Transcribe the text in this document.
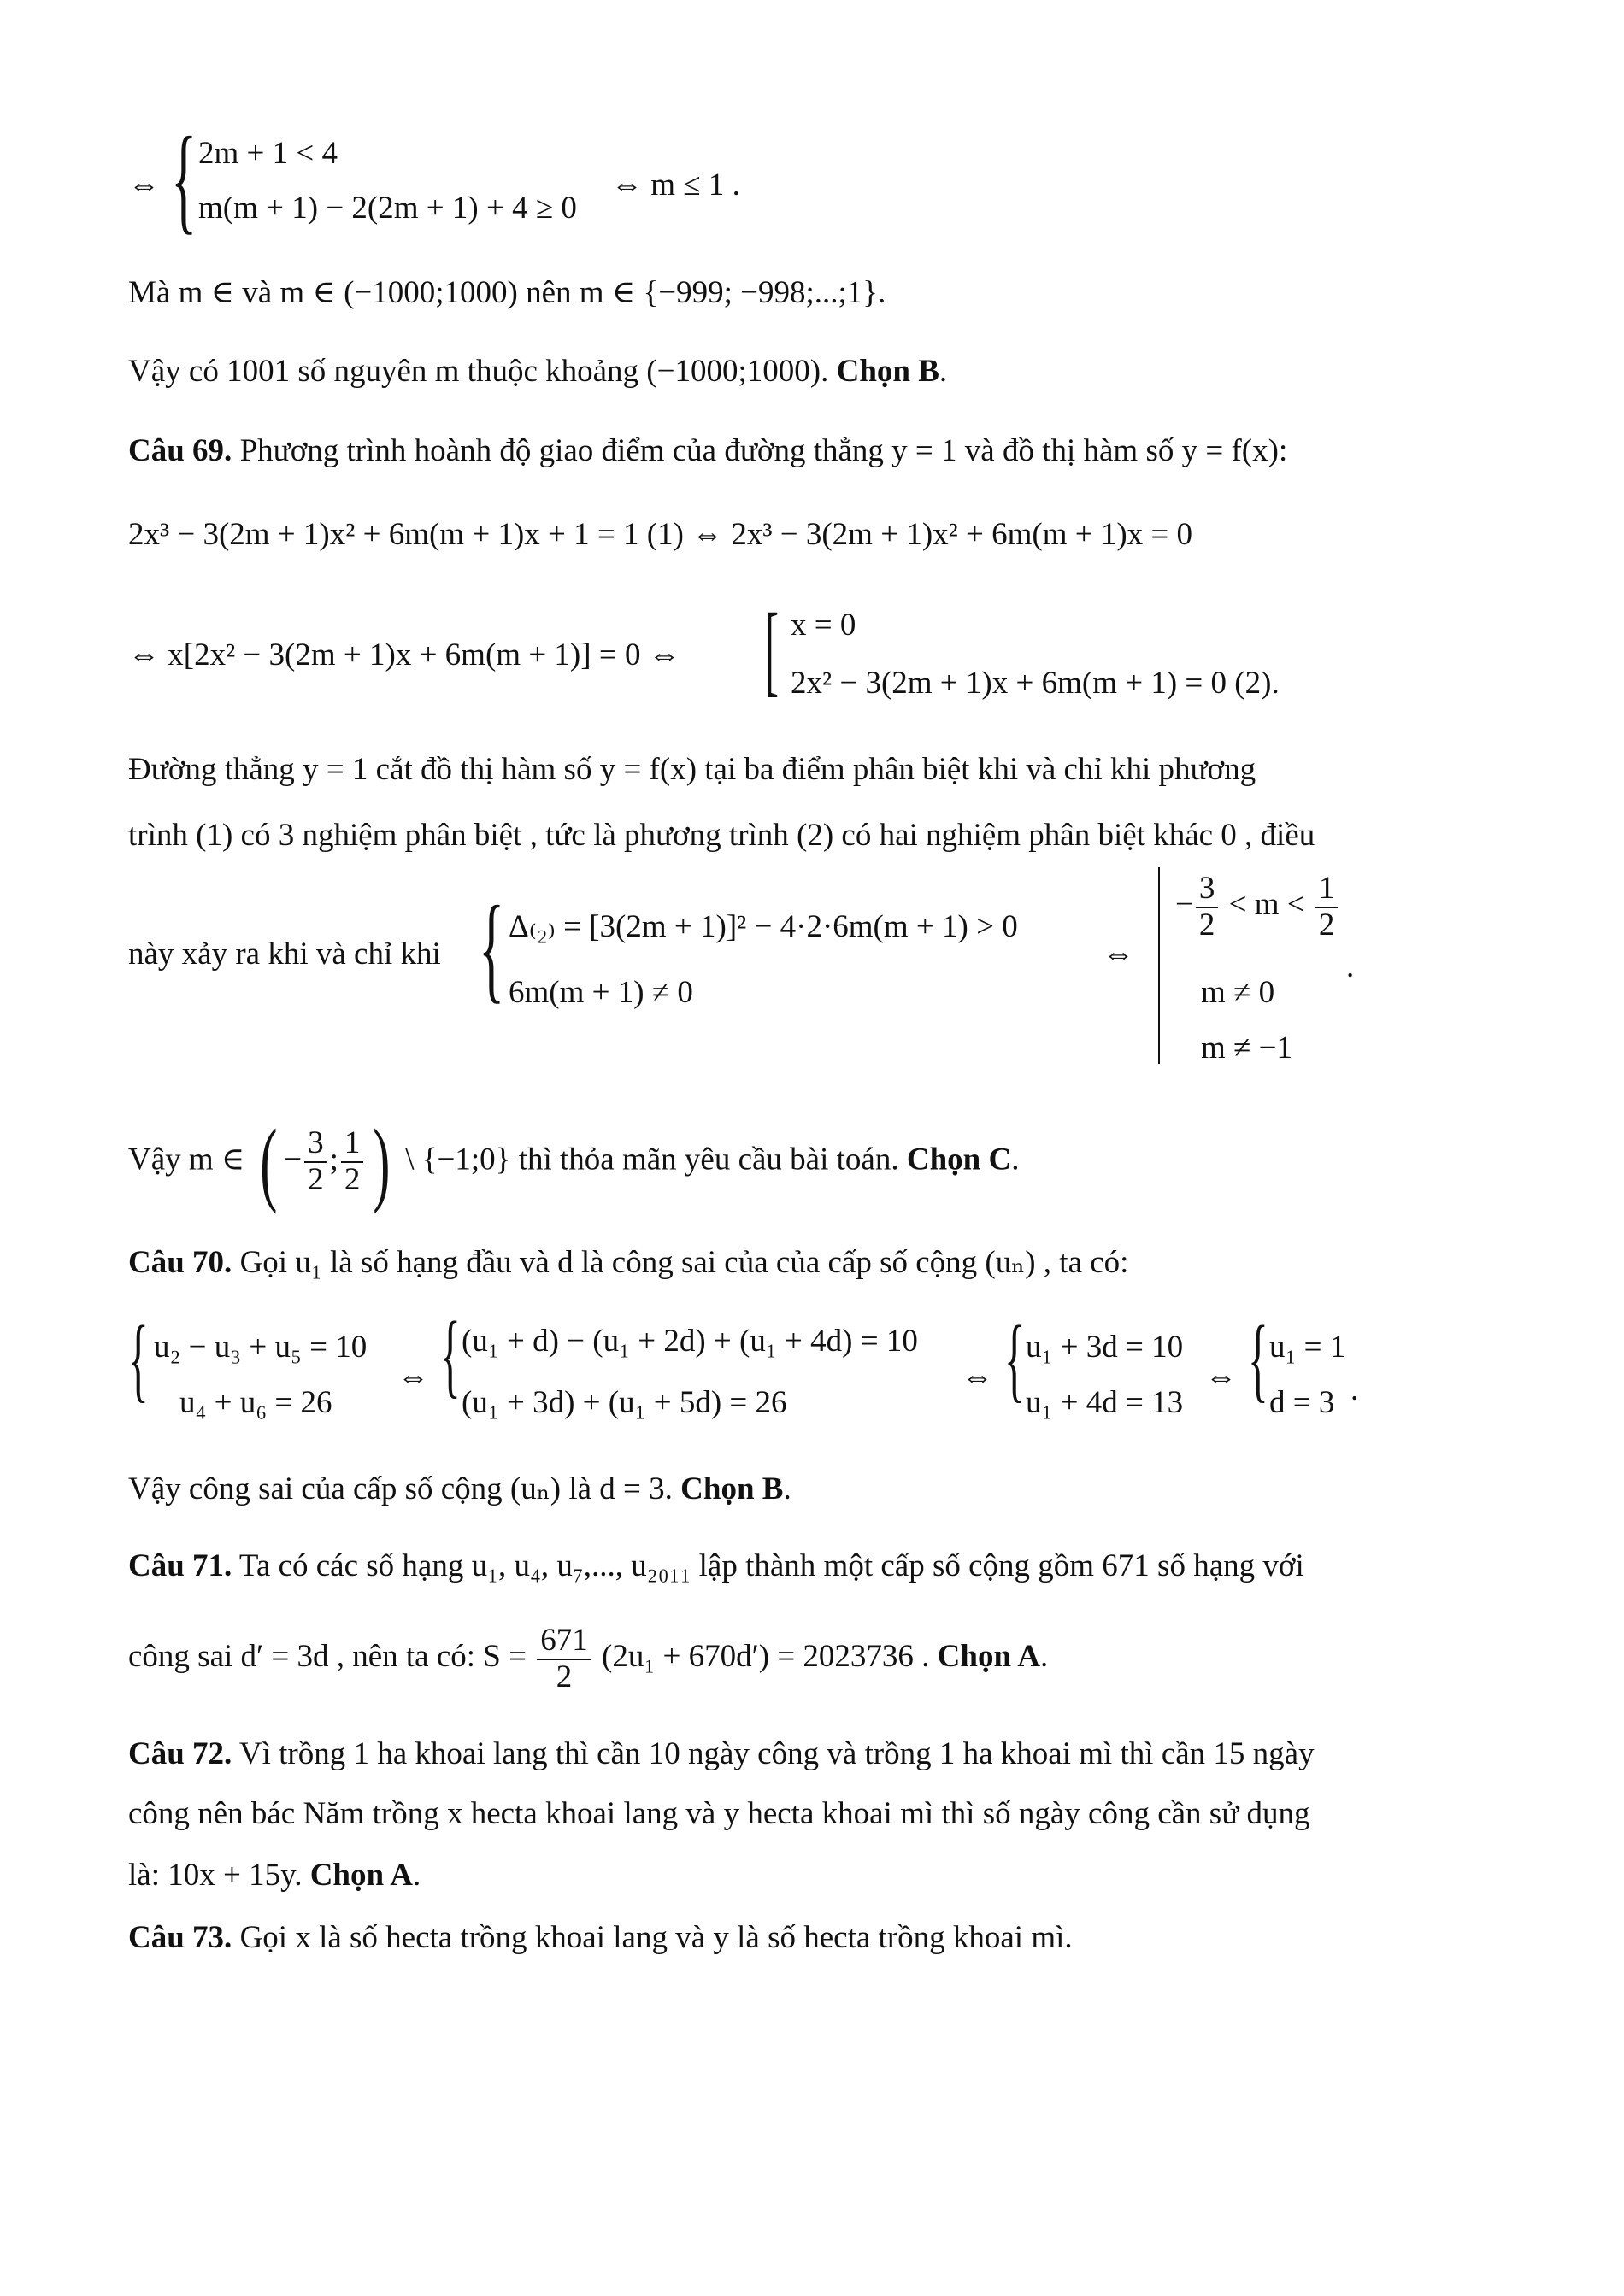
⇔ { 2m + 1 < 4
m(m + 1) − 2(2m + 1) + 4 ≥ 0
⇔ m ≤ 1 .
Mà m ∈ và m ∈ (−1000;1000) nên m ∈ {−999; −998;...;1}.
Vậy có 1001 số nguyên m thuộc khoảng (−1000;1000). Chọn B.
Câu 69. Phương trình hoành độ giao điểm của đường thẳng y = 1 và đồ thị hàm số y = f(x):
2x³ − 3(2m + 1)x² + 6m(m + 1)x + 1 = 1 (1) ⇔ 2x³ − 3(2m + 1)x² + 6m(m + 1)x = 0
⇔ x[2x² − 3(2m + 1)x + 6m(m + 1)] = 0 ⇔ [ x = 0
2x² − 3(2m + 1)x + 6m(m + 1) = 0 (2).
Đường thẳng y = 1 cắt đồ thị hàm số y = f(x) tại ba điểm phân biệt khi và chỉ khi phương
trình (1) có 3 nghiệm phân biệt , tức là phương trình (2) có hai nghiệm phân biệt khác 0 , điều
này xảy ra khi và chỉ khi { Δ₍₂₎ = [3(2m + 1)]² − 4·2·6m(m + 1) > 0
6m(m + 1) ≠ 0
⇔
− $\frac{3}{2} < m < \frac{1}{2}$
m ≠ 0
m ≠ −1
.
Vậy m ∈ ( − $\frac{3}{2}$ ; $\frac{1}{2}$ ) \ {−1;0} thì thỏa mãn yêu cầu bài toán. Chọn C.
Câu 70. Gọi u₁ là số hạng đầu và d là công sai của của cấp số cộng (uₙ) , ta có:
{ u₂ − u₃ + u₅ = 10
u₄ + u₆ = 26
⇔ { (u₁ + d) − (u₁ + 2d) + (u₁ + 4d) = 10
(u₁ + 3d) + (u₁ + 5d) = 26
⇔ { u₁ + 3d = 10
u₁ + 4d = 13
⇔ { u₁ = 1
d = 3 .
Vậy công sai của cấp số cộng (uₙ) là d = 3. Chọn B.
Câu 71. Ta có các số hạng u₁, u₄, u₇,..., u₂₀₁₁ lập thành một cấp số cộng gồm 671 số hạng với
công sai d′ = 3d , nên ta có: $S = \frac{671}{2} (2u_1 + 670d') = 2023736$ . Chọn A.
Câu 72. Vì trồng 1 ha khoai lang thì cần 10 ngày công và trồng 1 ha khoai mì thì cần 15 ngày
công nên bác Năm trồng x hecta khoai lang và y hecta khoai mì thì số ngày công cần sử dụng
là: 10x + 15y. Chọn A.
Câu 73. Gọi x là số hecta trồng khoai lang và y là số hecta trồng khoai mì.
